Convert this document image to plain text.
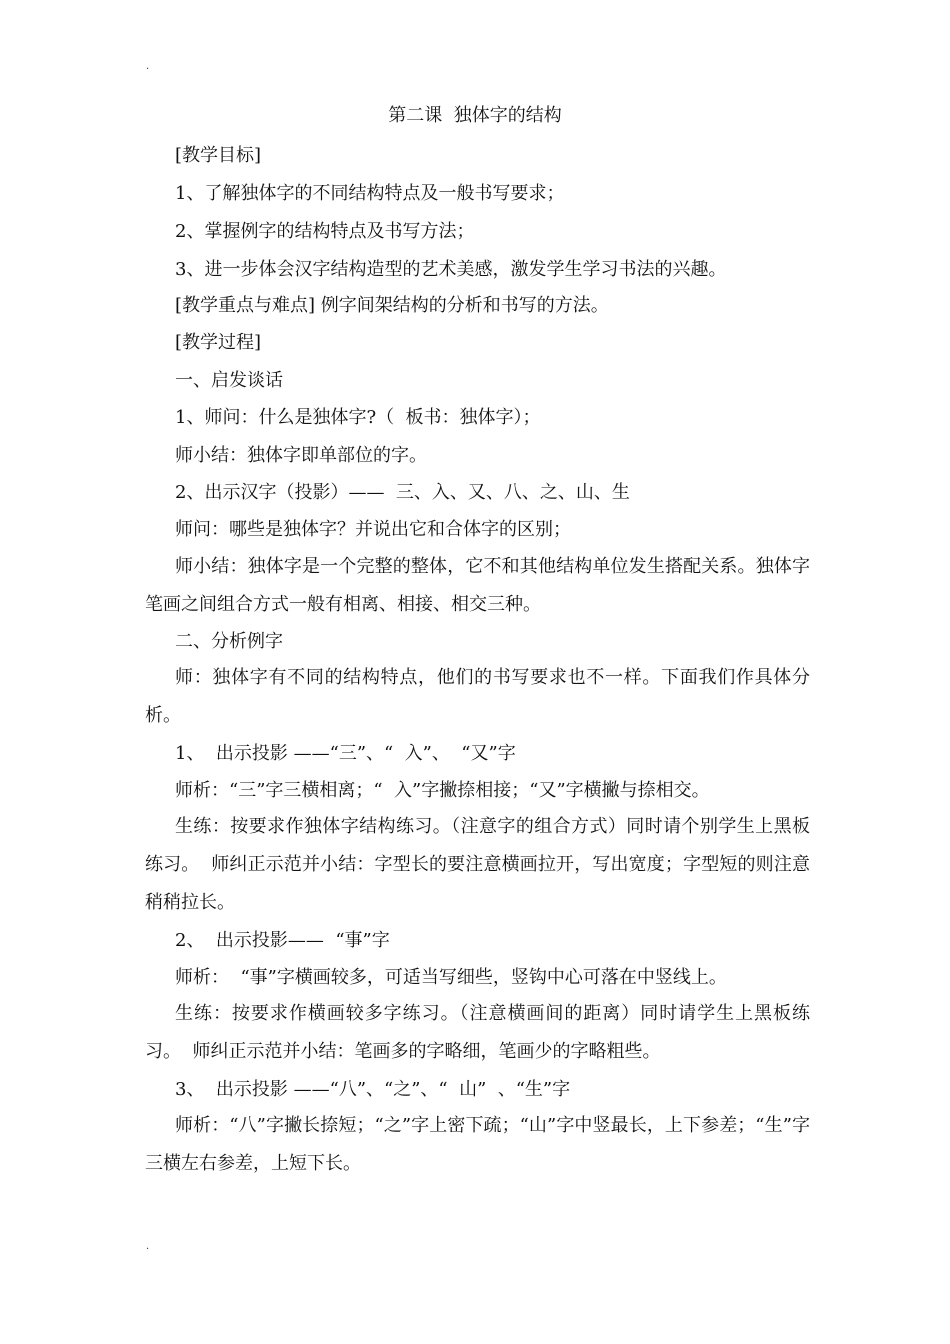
.
第二课  独体字的结构
[教学目标]
1、了解独体字的不同结构特点及一般书写要求；
2、掌握例字的结构特点及书写方法；
3、进一步体会汉字结构造型的艺术美感，激发学生学习书法的兴趣。
[教学重点与难点] 例字间架结构的分析和书写的方法。
[教学过程]
一、启发谈话
1、师问：什么是独体字?（  板书：独体字）；
师小结：独体字即单部位的字。
2、出示汉字（投影）——  三、入、又、八、之、山、生
师问：哪些是独体字？并说出它和合体字的区别；
师小结：独体字是一个完整的整体，它不和其他结构单位发生搭配关系。独体字笔画之间组合方式一般有相离、相接、相交三种。
二、分析例字
师：独体字有不同的结构特点，他们的书写要求也不一样。下面我们作具体分析。
1、  出示投影 ——“三”、“  入”、  “又”字
师析：“三”字三横相离；“  入”字撇捺相接；“又”字横撇与捺相交。
生练：按要求作独体字结构练习。（注意字的组合方式）同时请个别学生上黑板练习。  师纠正示范并小结：字型长的要注意横画拉开，写出宽度；字型短的则注意稍稍拉长。
2、  出示投影——  “事”字
师析：  “事”字横画较多，可适当写细些，竖钩中心可落在中竖线上。
生练：按要求作横画较多字练习。（注意横画间的距离）同时请学生上黑板练习。  师纠正示范并小结：笔画多的字略细，笔画少的字略粗些。
3、  出示投影 ——“八”、“之”、“  山”  、“生”字
师析：“八”字撇长捺短；“之”字上密下疏；“山”字中竖最长，上下参差；“生”字三横左右参差，上短下长。
.
